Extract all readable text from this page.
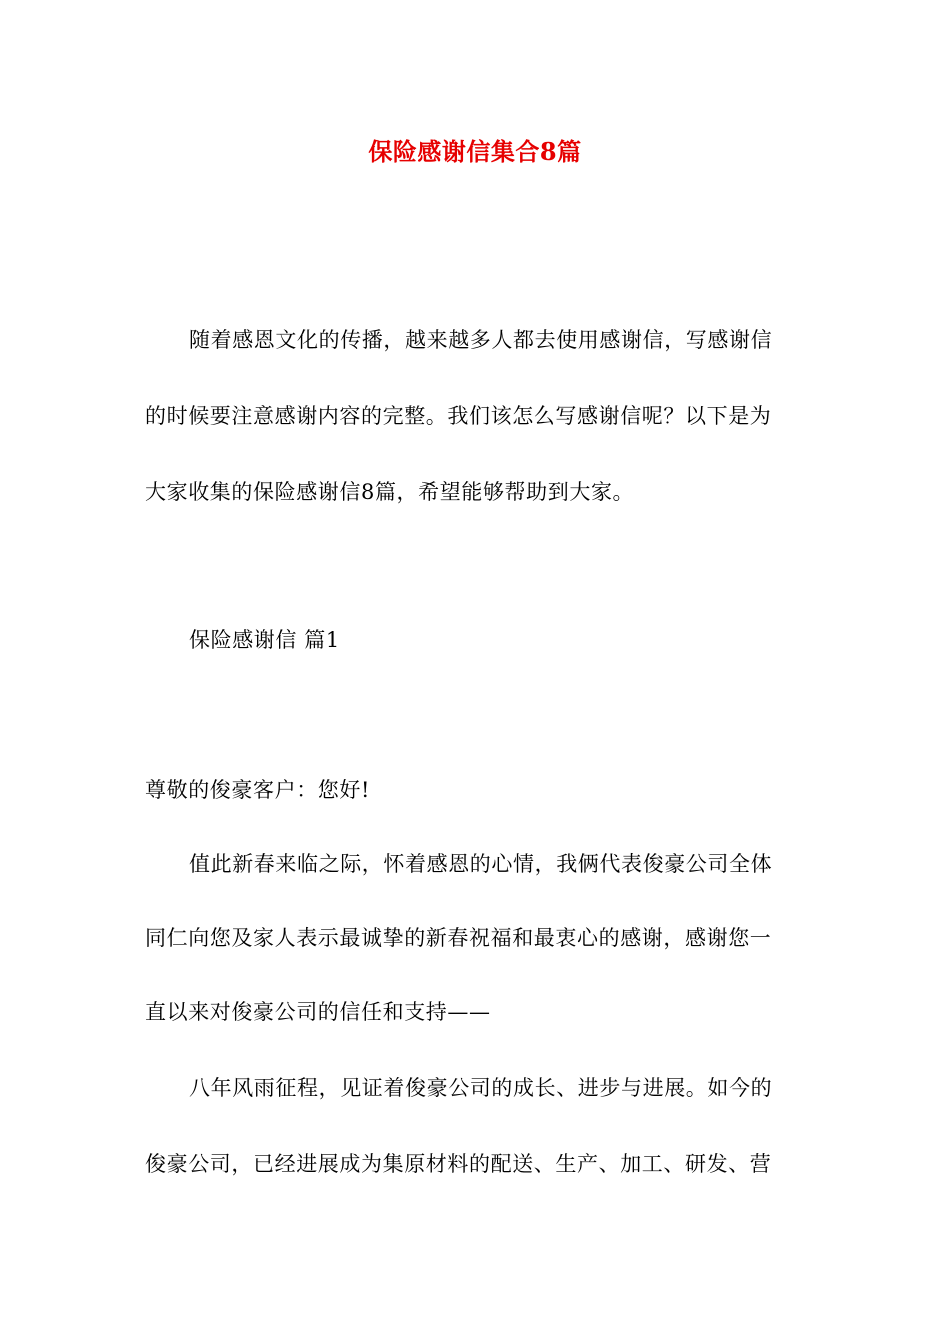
保险感谢信集合8篇
随着感恩文化的传播，越来越多人都去使用感谢信，写感谢信
的时候要注意感谢内容的完整。我们该怎么写感谢信呢？以下是为
大家收集的保险感谢信8篇，希望能够帮助到大家。
保险感谢信 篇1
尊敬的俊豪客户：您好!
值此新春来临之际，怀着感恩的心情，我俩代表俊豪公司全体
同仁向您及家人表示最诚挚的新春祝福和最衷心的感谢，感谢您一
直以来对俊豪公司的信任和支持——
八年风雨征程，见证着俊豪公司的成长、进步与进展。如今的
俊豪公司，已经进展成为集原材料的配送、生产、加工、研发、营
